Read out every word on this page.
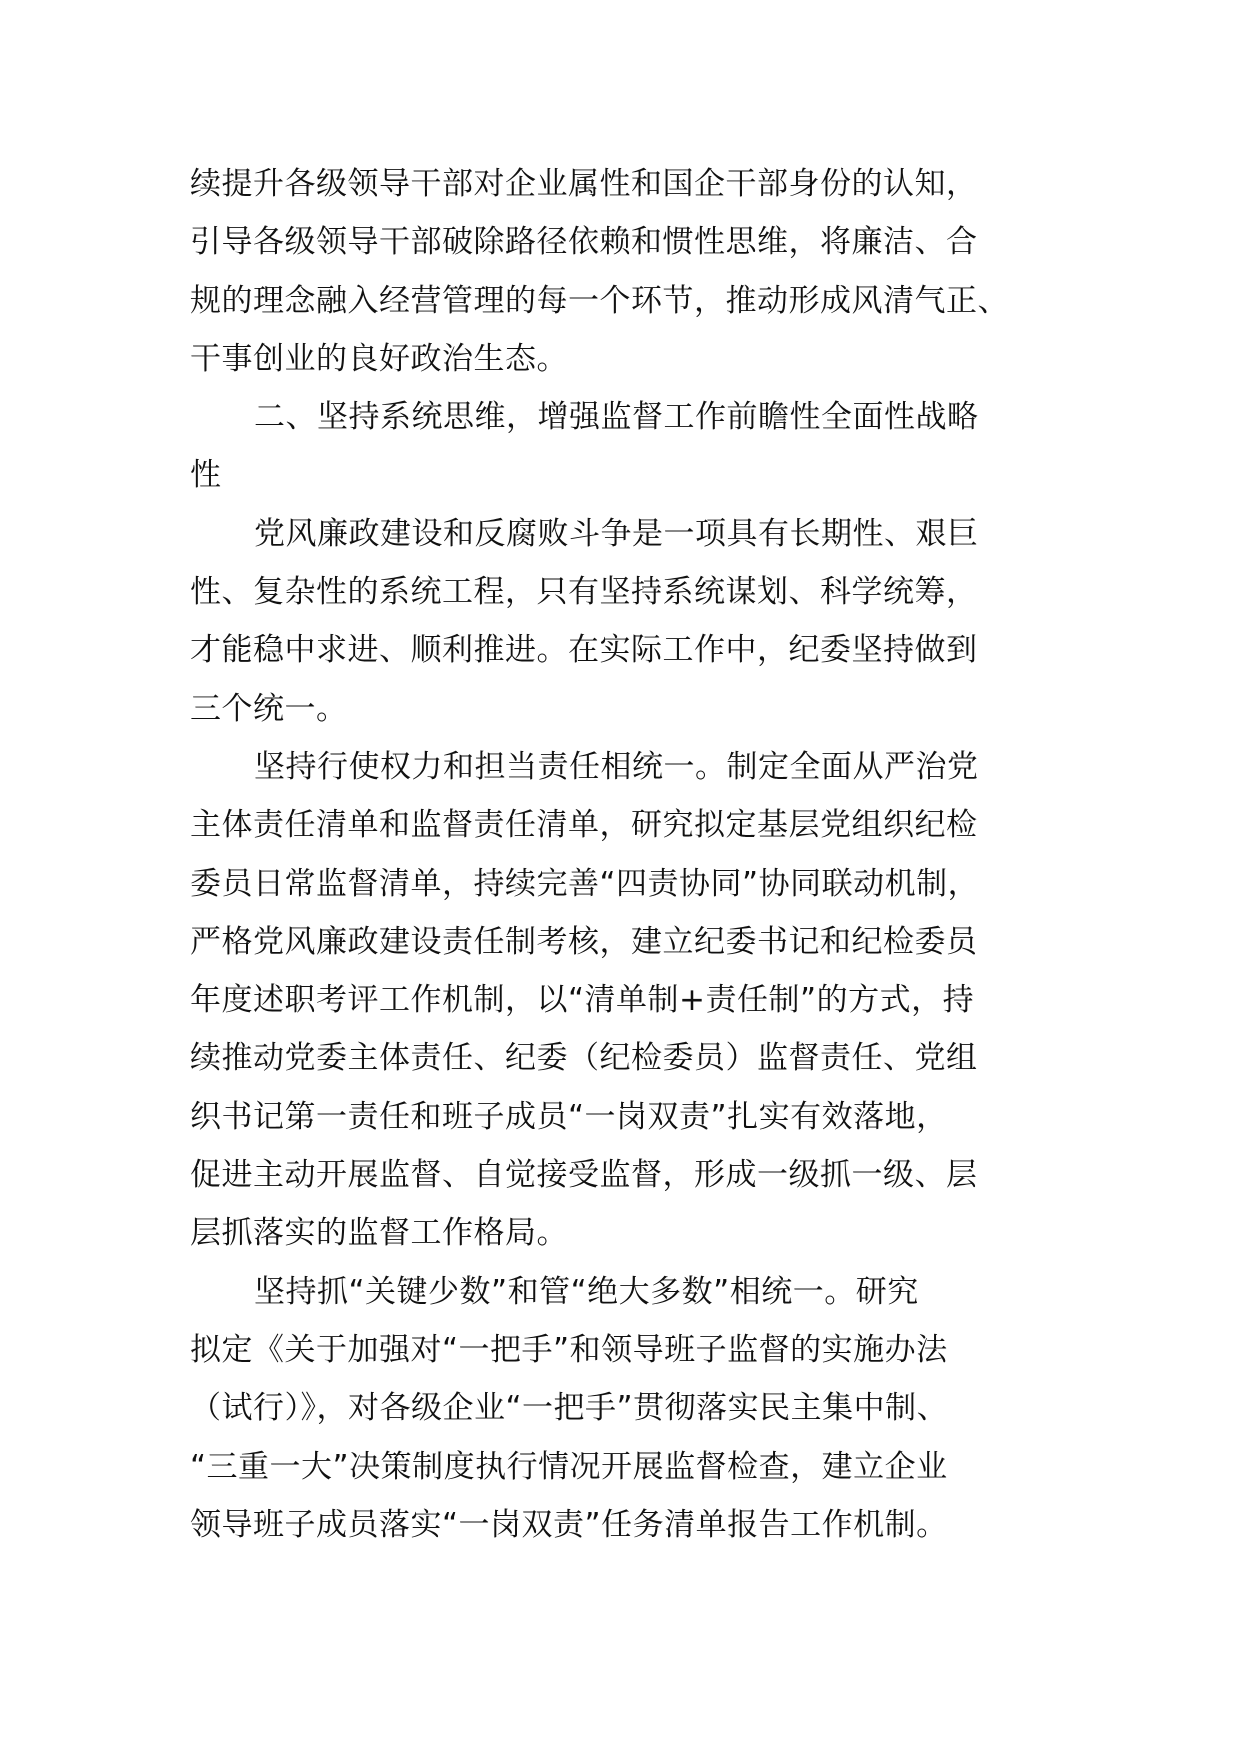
续提升各级领导干部对企业属性和国企干部身份的认知，
引导各级领导干部破除路径依赖和惯性思维，将廉洁、合
规的理念融入经营管理的每一个环节，推动形成风清气正、
干事创业的良好政治生态。
二、坚持系统思维，增强监督工作前瞻性全面性战略
性
党风廉政建设和反腐败斗争是一项具有长期性、艰巨
性、复杂性的系统工程，只有坚持系统谋划、科学统筹，
才能稳中求进、顺利推进。在实际工作中，纪委坚持做到
三个统一。
坚持行使权力和担当责任相统一。制定全面从严治党
主体责任清单和监督责任清单，研究拟定基层党组织纪检
委员日常监督清单，持续完善“四责协同”协同联动机制，
严格党风廉政建设责任制考核，建立纪委书记和纪检委员
年度述职考评工作机制，以“清单制+责任制”的方式，持
续推动党委主体责任、纪委（纪检委员）监督责任、党组
织书记第一责任和班子成员“一岗双责”扎实有效落地，
促进主动开展监督、自觉接受监督，形成一级抓一级、层
层抓落实的监督工作格局。
坚持抓“关键少数”和管“绝大多数”相统一。研究
拟定《关于加强对“一把手”和领导班子监督的实施办法
（试行）》，对各级企业“一把手”贯彻落实民主集中制、
“三重一大”决策制度执行情况开展监督检查，建立企业
领导班子成员落实“一岗双责”任务清单报告工作机制。
